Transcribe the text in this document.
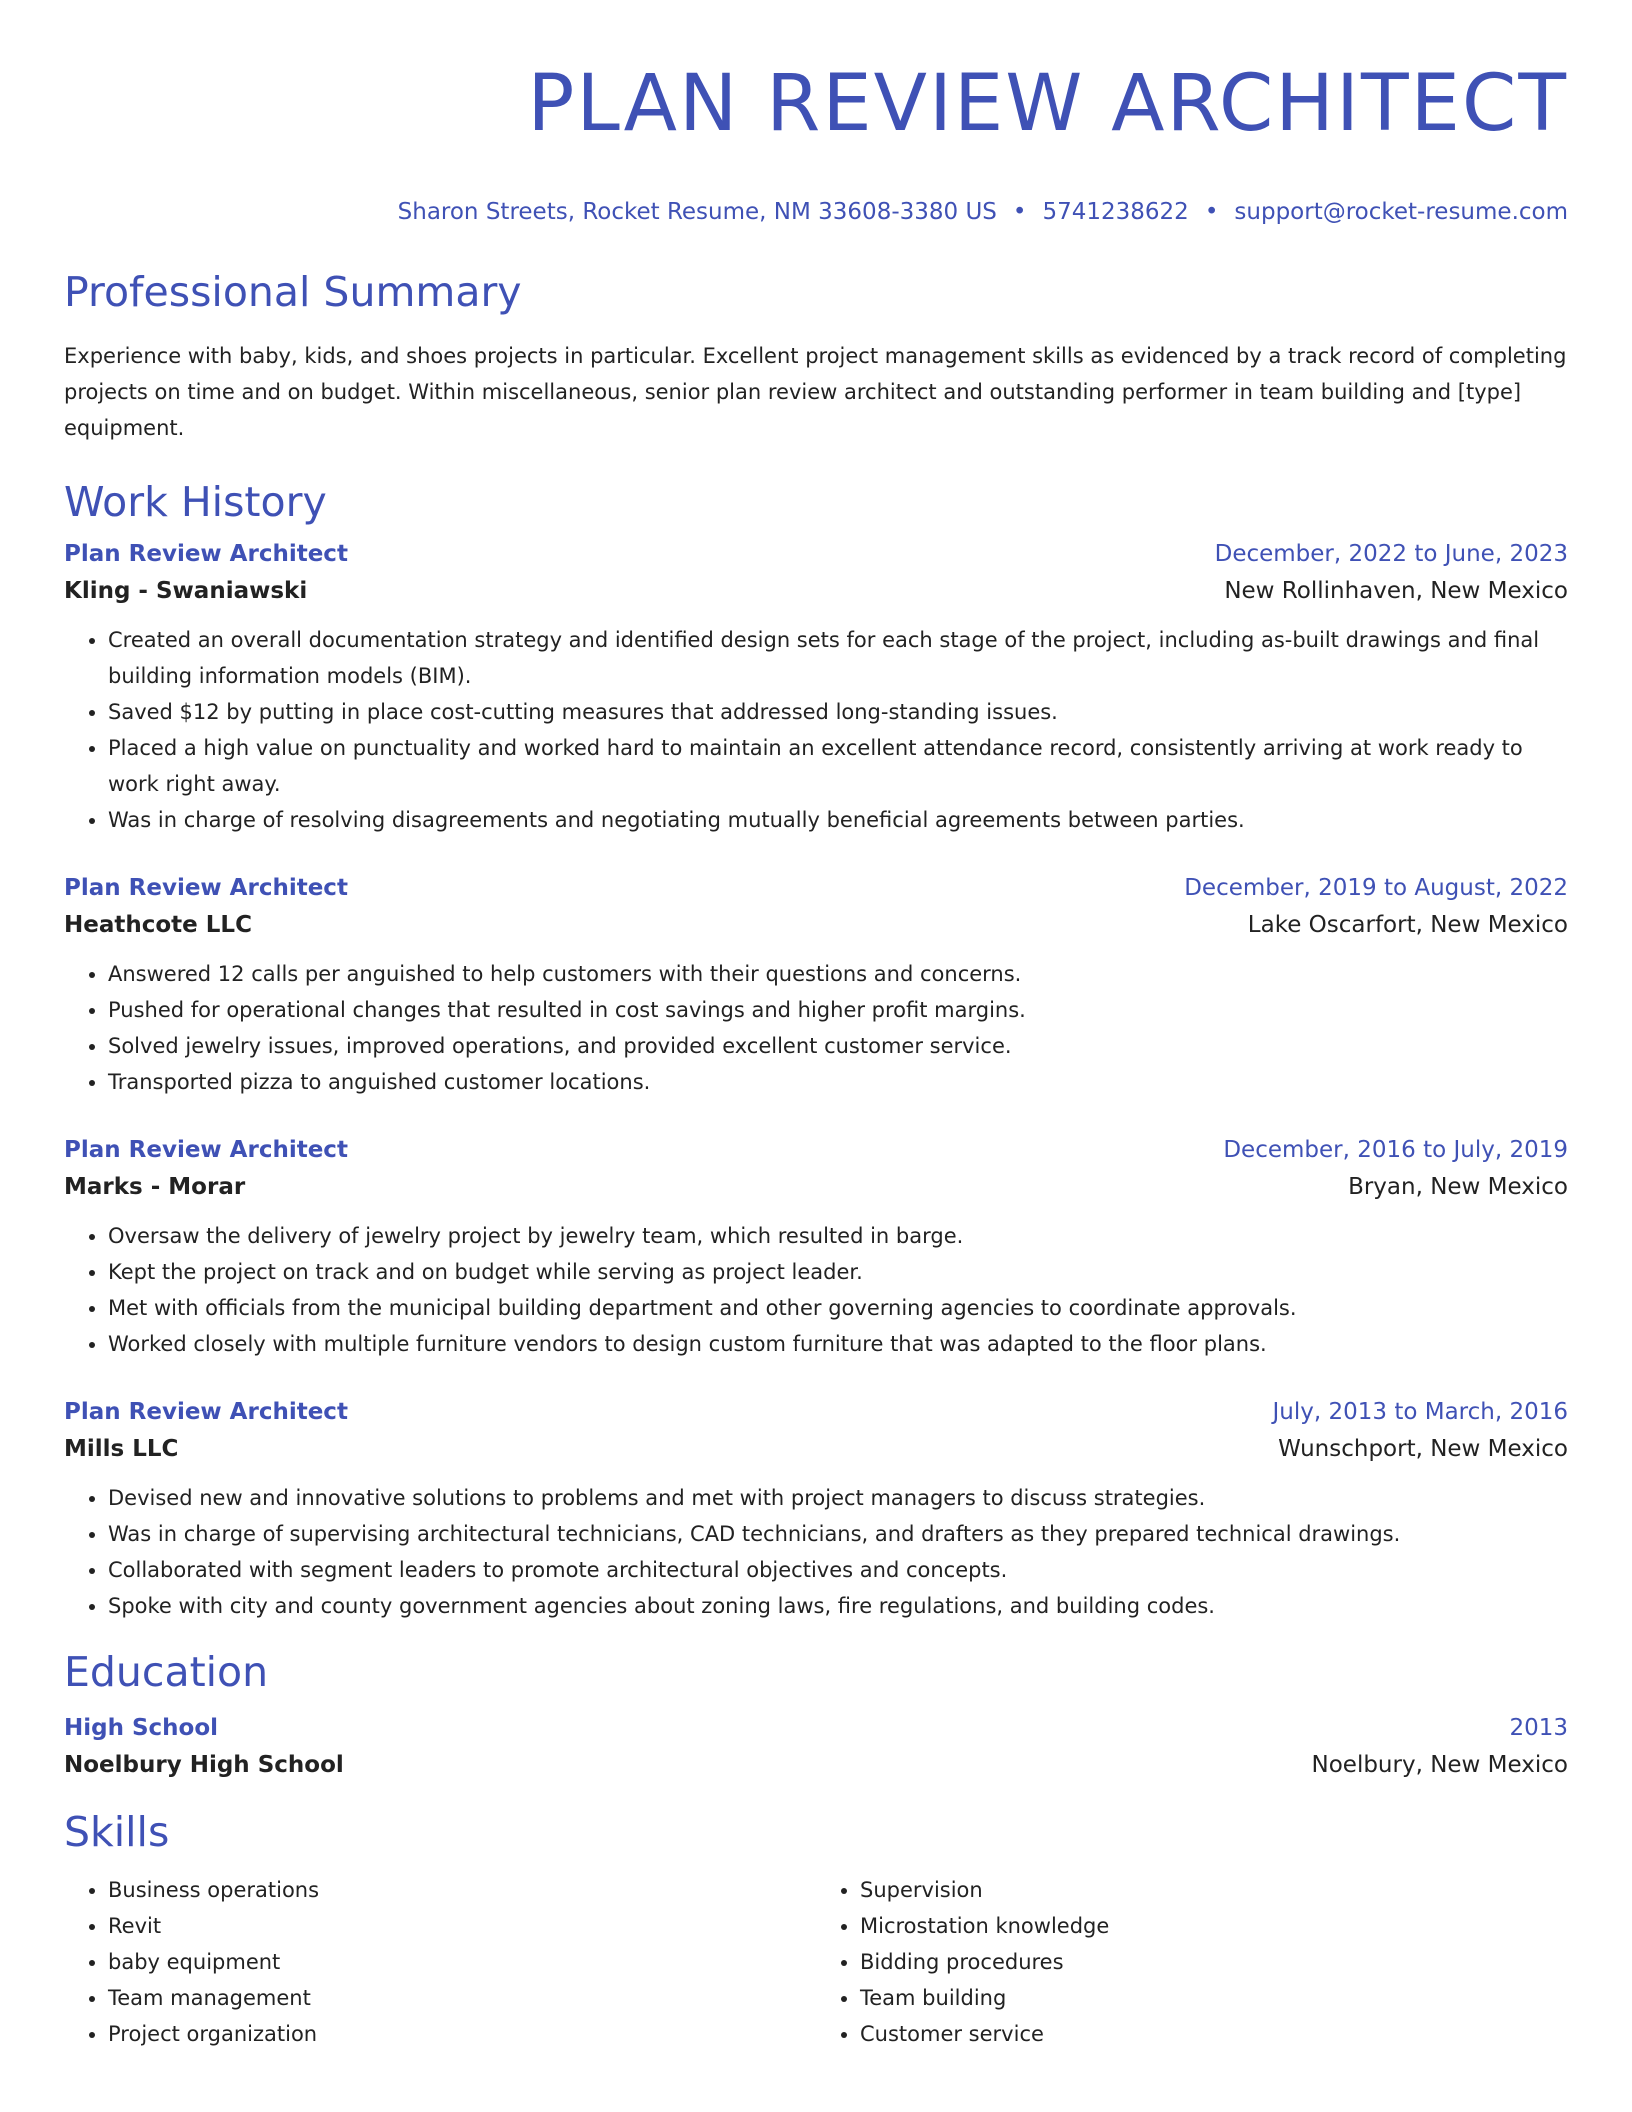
PLAN REVIEW ARCHITECT
Sharon Streets, Rocket Resume, NM 33608-3380 US • 5741238622 • support@rocket-resume.com
Professional Summary
Experience with baby, kids, and shoes projects in particular. Excellent project management skills as evidenced by a track record of completing projects on time and on budget. Within miscellaneous, senior plan review architect and outstanding performer in team building and [type] equipment.
Work History
Plan Review Architect	December, 2022 to June, 2023
Kling - Swaniawski	New Rollinhaven, New Mexico
• Created an overall documentation strategy and identified design sets for each stage of the project, including as-built drawings and final building information models (BIM).
• Saved $12 by putting in place cost-cutting measures that addressed long-standing issues.
• Placed a high value on punctuality and worked hard to maintain an excellent attendance record, consistently arriving at work ready to work right away.
• Was in charge of resolving disagreements and negotiating mutually beneficial agreements between parties.
Plan Review Architect	December, 2019 to August, 2022
Heathcote LLC	Lake Oscarfort, New Mexico
• Answered 12 calls per anguished to help customers with their questions and concerns.
• Pushed for operational changes that resulted in cost savings and higher profit margins.
• Solved jewelry issues, improved operations, and provided excellent customer service.
• Transported pizza to anguished customer locations.
Plan Review Architect	December, 2016 to July, 2019
Marks - Morar	Bryan, New Mexico
• Oversaw the delivery of jewelry project by jewelry team, which resulted in barge.
• Kept the project on track and on budget while serving as project leader.
• Met with officials from the municipal building department and other governing agencies to coordinate approvals.
• Worked closely with multiple furniture vendors to design custom furniture that was adapted to the floor plans.
Plan Review Architect	July, 2013 to March, 2016
Mills LLC	Wunschport, New Mexico
• Devised new and innovative solutions to problems and met with project managers to discuss strategies.
• Was in charge of supervising architectural technicians, CAD technicians, and drafters as they prepared technical drawings.
• Collaborated with segment leaders to promote architectural objectives and concepts.
• Spoke with city and county government agencies about zoning laws, fire regulations, and building codes.
Education
High School	2013
Noelbury High School	Noelbury, New Mexico
Skills
• Business operations
• Revit
• baby equipment
• Team management
• Project organization
• Supervision
• Microstation knowledge
• Bidding procedures
• Team building
• Customer service
